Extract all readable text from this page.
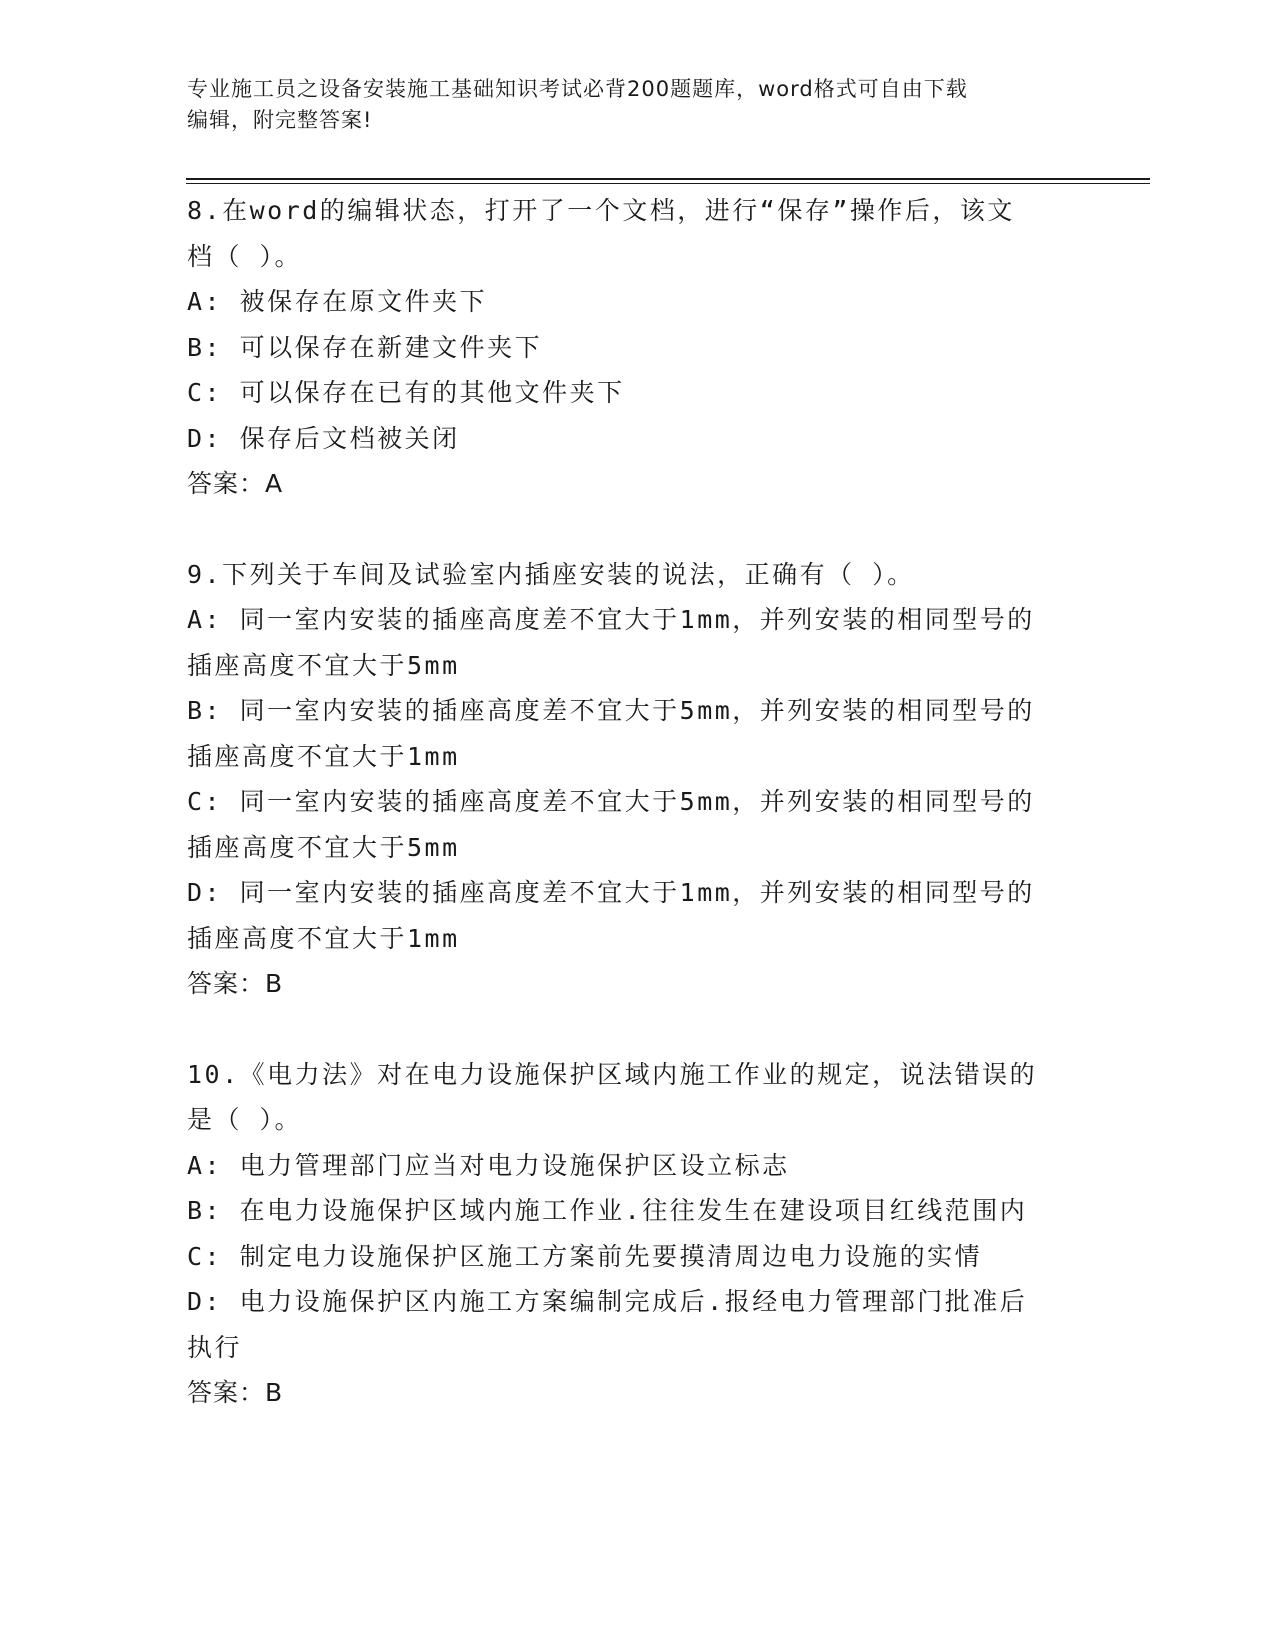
专业施工员之设备安装施工基础知识考试必背200题题库，word格式可自由下载
编辑，附完整答案!

8.在word的编辑状态，打开了一个文档，进行“保存”操作后，该文

档（ ）。

A: 被保存在原文件夹下

B: 可以保存在新建文件夹下

C: 可以保存在已有的其他文件夹下

D: 保存后文档被关闭

答案：A

9.下列关于车间及试验室内插座安装的说法，正确有（ ）。

A: 同一室内安装的插座高度差不宜大于1mm，并列安装的相同型号的

插座高度不宜大于5mm

B: 同一室内安装的插座高度差不宜大于5mm，并列安装的相同型号的

插座高度不宜大于1mm

C: 同一室内安装的插座高度差不宜大于5mm，并列安装的相同型号的

插座高度不宜大于5mm

D: 同一室内安装的插座高度差不宜大于1mm，并列安装的相同型号的

插座高度不宜大于1mm

答案：B

10.《电力法》对在电力设施保护区域内施工作业的规定，说法错误的

是（ ）。

A: 电力管理部门应当对电力设施保护区设立标志

B: 在电力设施保护区域内施工作业.往往发生在建设项目红线范围内

C: 制定电力设施保护区施工方案前先要摸清周边电力设施的实情

D: 电力设施保护区内施工方案编制完成后.报经电力管理部门批准后

执行

答案：B
